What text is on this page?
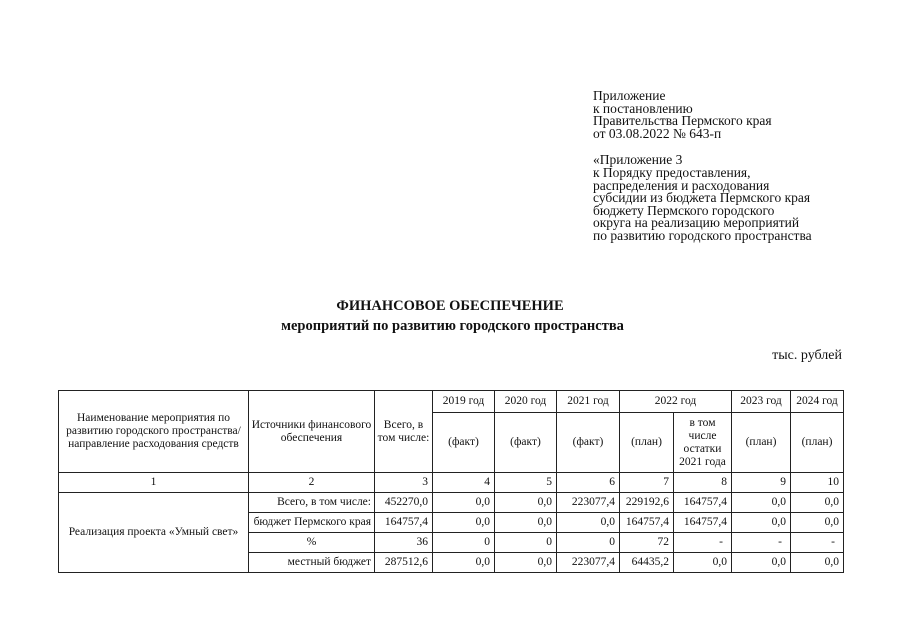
Приложение
к постановлению
Правительства Пермского края
от 03.08.2022 № 643-п
«Приложение 3
к Порядку предоставления,
распределения и расходования
субсидии из бюджета Пермского края
бюджету Пермского городского
округа на реализацию мероприятий
по развитию городского пространства
ФИНАНСОВОЕ ОБЕСПЕЧЕНИЕ
мероприятий по развитию городского пространства
тыс. рублей
Наименование мероприятия по развитию городского пространства/направление расходования средств	Источники финансового обеспечения	Всего, в том числе:	2019 год	2020 год	2021 год	2022 год		2023 год	2024 год
			(факт)	(факт)	(факт)	(план)	в том числе остатки 2021 года	(план)	(план)
1	2	3	4	5	6	7	8	9	10
Реализация проекта «Умный свет»	Всего, в том числе:	452270,0	0,0	0,0	223077,4	229192,6	164757,4	0,0	0,0
	бюджет Пермского края	164757,4	0,0	0,0	0,0	164757,4	164757,4	0,0	0,0
	%	36	0	0	0	72	-	-	-
	местный бюджет	287512,6	0,0	0,0	223077,4	64435,2	0,0	0,0	0,0
